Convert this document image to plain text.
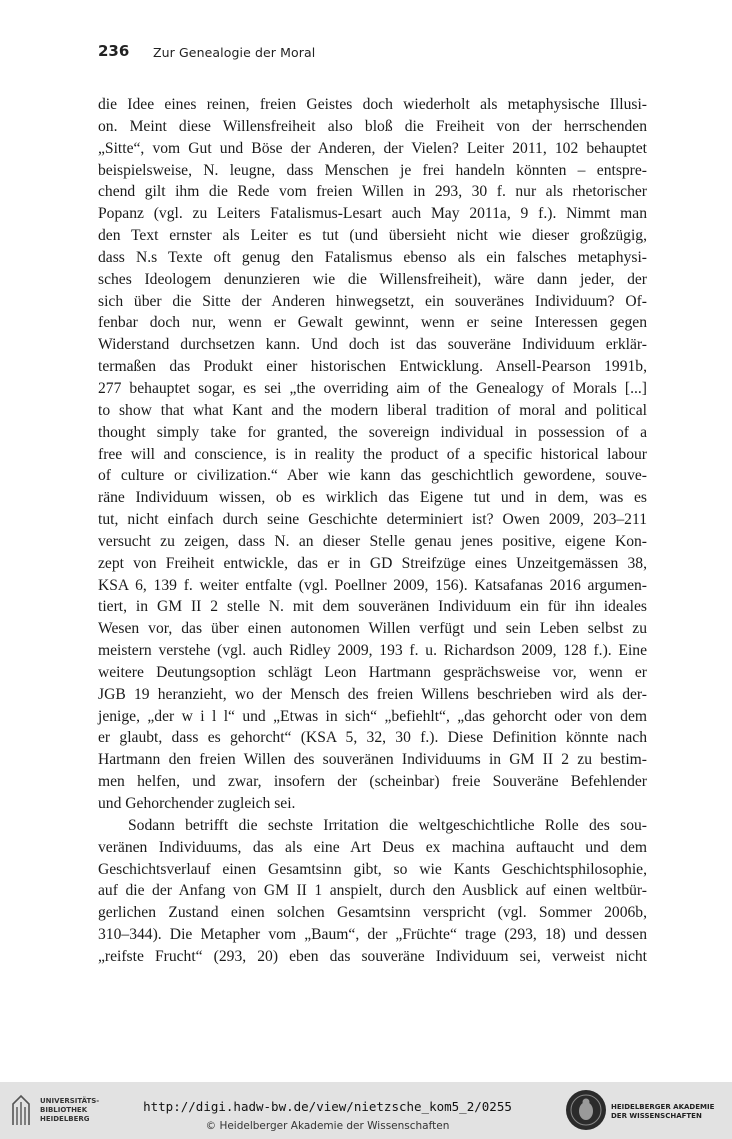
236 Zur Genealogie der Moral
die Idee eines reinen, freien Geistes doch wiederholt als metaphysische Illusi-
on. Meint diese Willensfreiheit also bloß die Freiheit von der herrschenden
„Sitte“, vom Gut und Böse der Anderen, der Vielen? Leiter 2011, 102 behauptet
beispielsweise, N. leugne, dass Menschen je frei handeln könnten – entspre-
chend gilt ihm die Rede vom freien Willen in 293, 30 f. nur als rhetorischer
Popanz (vgl. zu Leiters Fatalismus-Lesart auch May 2011a, 9 f.). Nimmt man
den Text ernster als Leiter es tut (und übersieht nicht wie dieser großzügig,
dass N.s Texte oft genug den Fatalismus ebenso als ein falsches metaphysi-
sches Ideologem denunzieren wie die Willensfreiheit), wäre dann jeder, der
sich über die Sitte der Anderen hinwegsetzt, ein souveränes Individuum? Of-
fenbar doch nur, wenn er Gewalt gewinnt, wenn er seine Interessen gegen
Widerstand durchsetzen kann. Und doch ist das souveräne Individuum erklär-
termaßen das Produkt einer historischen Entwicklung. Ansell-Pearson 1991b,
277 behauptet sogar, es sei „the overriding aim of the Genealogy of Morals [...]
to show that what Kant and the modern liberal tradition of moral and political
thought simply take for granted, the sovereign individual in possession of a
free will and conscience, is in reality the product of a specific historical labour
of culture or civilization.“ Aber wie kann das geschichtlich gewordene, souve-
räne Individuum wissen, ob es wirklich das Eigene tut und in dem, was es
tut, nicht einfach durch seine Geschichte determiniert ist? Owen 2009, 203–211
versucht zu zeigen, dass N. an dieser Stelle genau jenes positive, eigene Kon-
zept von Freiheit entwickle, das er in GD Streifzüge eines Unzeitgemässen 38,
KSA 6, 139 f. weiter entfalte (vgl. Poellner 2009, 156). Katsafanas 2016 argumen-
tiert, in GM II 2 stelle N. mit dem souveränen Individuum ein für ihn ideales
Wesen vor, das über einen autonomen Willen verfügt und sein Leben selbst zu
meistern verstehe (vgl. auch Ridley 2009, 193 f. u. Richardson 2009, 128 f.). Eine
weitere Deutungsoption schlägt Leon Hartmann gesprächsweise vor, wenn er
JGB 19 heranzieht, wo der Mensch des freien Willens beschrieben wird als der-
jenige, „der w i l l“ und „Etwas in sich“ „befiehlt“, „das gehorcht oder von dem
er glaubt, dass es gehorcht“ (KSA 5, 32, 30 f.). Diese Definition könnte nach
Hartmann den freien Willen des souveränen Individuums in GM II 2 zu bestim-
men helfen, und zwar, insofern der (scheinbar) freie Souveräne Befehlender
und Gehorchender zugleich sei.
Sodann betrifft die sechste Irritation die weltgeschichtliche Rolle des sou-
veränen Individuums, das als eine Art Deus ex machina auftaucht und dem
Geschichtsverlauf einen Gesamtsinn gibt, so wie Kants Geschichtsphilosophie,
auf die der Anfang von GM II 1 anspielt, durch den Ausblick auf einen weltbür-
gerlichen Zustand einen solchen Gesamtsinn verspricht (vgl. Sommer 2006b,
310–344). Die Metapher vom „Baum“, der „Früchte“ trage (293, 18) und dessen
„reifste Frucht“ (293, 20) eben das souveräne Individuum sei, verweist nicht
UNIVERSITÄTS-
BIBLIOTHEK
HEIDELBERG
http://digi.hadw-bw.de/view/nietzsche_kom5_2/0255
© Heidelberger Akademie der Wissenschaften
HEIDELBERGER AKADEMIE
DER WISSENSCHAFTEN
